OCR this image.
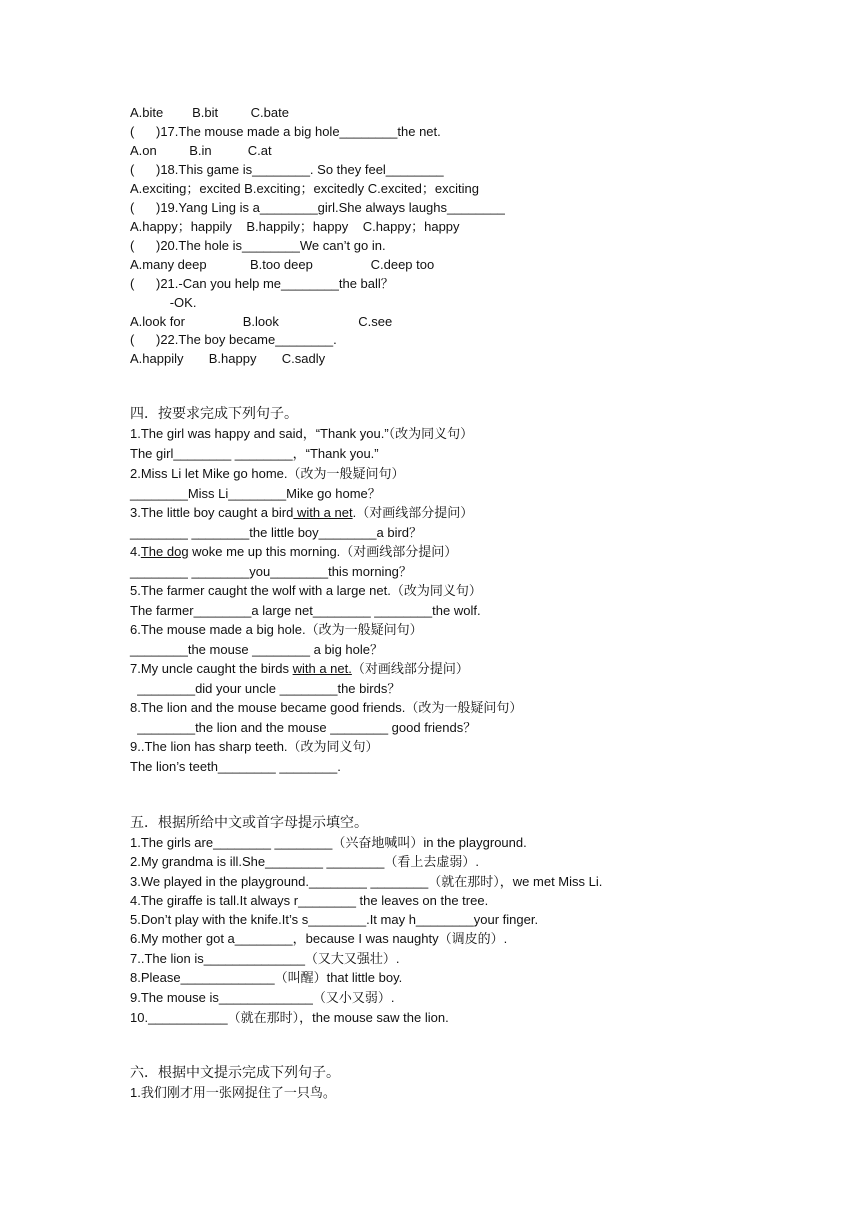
A.bite        B.bit         C.bate
(      )17.The mouse made a big hole________the net.
A.on         B.in          C.at
(      )18.This game is________. So they feel________
A.exciting；excited B.exciting；excitedly C.excited；exciting
(      )19.Yang Ling is a________girl.She always laughs________
A.happy；happily    B.happily；happy    C.happy；happy
(      )20.The hole is________We can’t go in.
A.many deep            B.too deep                C.deep too
(      )21.-Can you help me________the ball？
-OK.
A.look for                B.look                      C.see
(      )22.The boy became________.
A.happily       B.happy       C.sadly
四．按要求完成下列句子。
1.The girl was happy and said，“Thank you.”（改为同义句）
The girl________ ________，“Thank you.”
2.Miss Li let Mike go home.（改为一般疑问句）
________Miss Li________Mike go home？
3.The little boy caught a bird with a net.（对画线部分提问）
________ ________the little boy________a bird？
4.The dog woke me up this morning.（对画线部分提问）
________ ________you________this morning？
5.The farmer caught the wolf with a large net.（改为同义句）
The farmer________a large net________ ________the wolf.
6.The mouse made a big hole.（改为一般疑问句）
________the mouse ________ a big hole？
7.My uncle caught the birds with a net.（对画线部分提问）
________did your uncle ________the birds？
8.The lion and the mouse became good friends.（改为一般疑问句）
________the lion and the mouse ________ good friends？
9..The lion has sharp teeth.（改为同义句）
The lion’s teeth________ ________.
五．根据所给中文或首字母提示填空。
1.The girls are________ ________（兴奋地喊叫）in the playground.
2.My grandma is ill.She________ ________（看上去虚弱）.
3.We played in the playground.________ ________（就在那时），we met Miss Li.
4.The giraffe is tall.It always r________ the leaves on the tree.
5.Don’t play with the knife.It’s s________.It may h________your finger.
6.My mother got a________，because I was naughty（调皮的）.
7..The lion is______________（又大又强壮）.
8.Please_____________（叫醒）that little boy.
9.The mouse is_____________（又小又弱）.
10.___________（就在那时），the mouse saw the lion.
六．根据中文提示完成下列句子。
1.我们刚才用一张网捉住了一只鸟。
